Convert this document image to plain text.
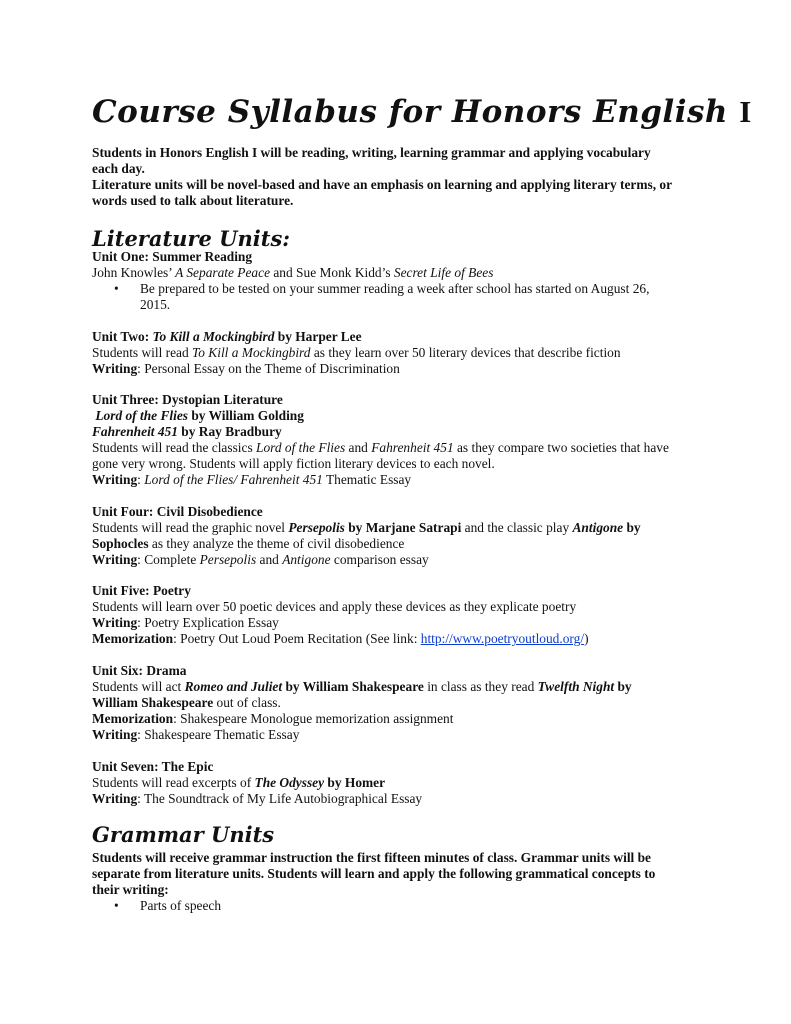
Course Syllabus for Honors English I
Students in Honors English I will be reading, writing, learning grammar and applying vocabulary
each day.
Literature units will be novel-based and have an emphasis on learning and applying literary terms, or
words used to talk about literature.
Literature Units:
Unit One: Summer Reading
John Knowles’ A Separate Peace and Sue Monk Kidd’s Secret Life of Bees

• Be prepared to be tested on your summer reading a week after school has started on August 26,
2015.
Unit Two: To Kill a Mockingbird by Harper Lee
Students will read To Kill a Mockingbird as they learn over 50 literary devices that describe fiction
Writing: Personal Essay on the Theme of Discrimination
Unit Three: Dystopian Literature
Lord of the Flies by William Golding
Fahrenheit 451 by Ray Bradbury
Students will read the classics Lord of the Flies and Fahrenheit 451 as they compare two societies that have
gone very wrong. Students will apply fiction literary devices to each novel.
Writing: Lord of the Flies/ Fahrenheit 451 Thematic Essay
Unit Four: Civil Disobedience
Students will read the graphic novel Persepolis by Marjane Satrapi and the classic play Antigone by
Sophocles as they analyze the theme of civil disobedience
Writing: Complete Persepolis and Antigone comparison essay
Unit Five: Poetry
Students will learn over 50 poetic devices and apply these devices as they explicate poetry
Writing: Poetry Explication Essay
Memorization: Poetry Out Loud Poem Recitation (See link: http://www.poetryoutloud.org/)
Unit Six: Drama
Students will act Romeo and Juliet by William Shakespeare in class as they read Twelfth Night by
William Shakespeare out of class.
Memorization: Shakespeare Monologue memorization assignment
Writing: Shakespeare Thematic Essay
Unit Seven: The Epic
Students will read excerpts of The Odyssey by Homer
Writing: The Soundtrack of My Life Autobiographical Essay
Grammar Units
Students will receive grammar instruction the first fifteen minutes of class. Grammar units will be
separate from literature units. Students will learn and apply the following grammatical concepts to
their writing:
• Parts of speech
